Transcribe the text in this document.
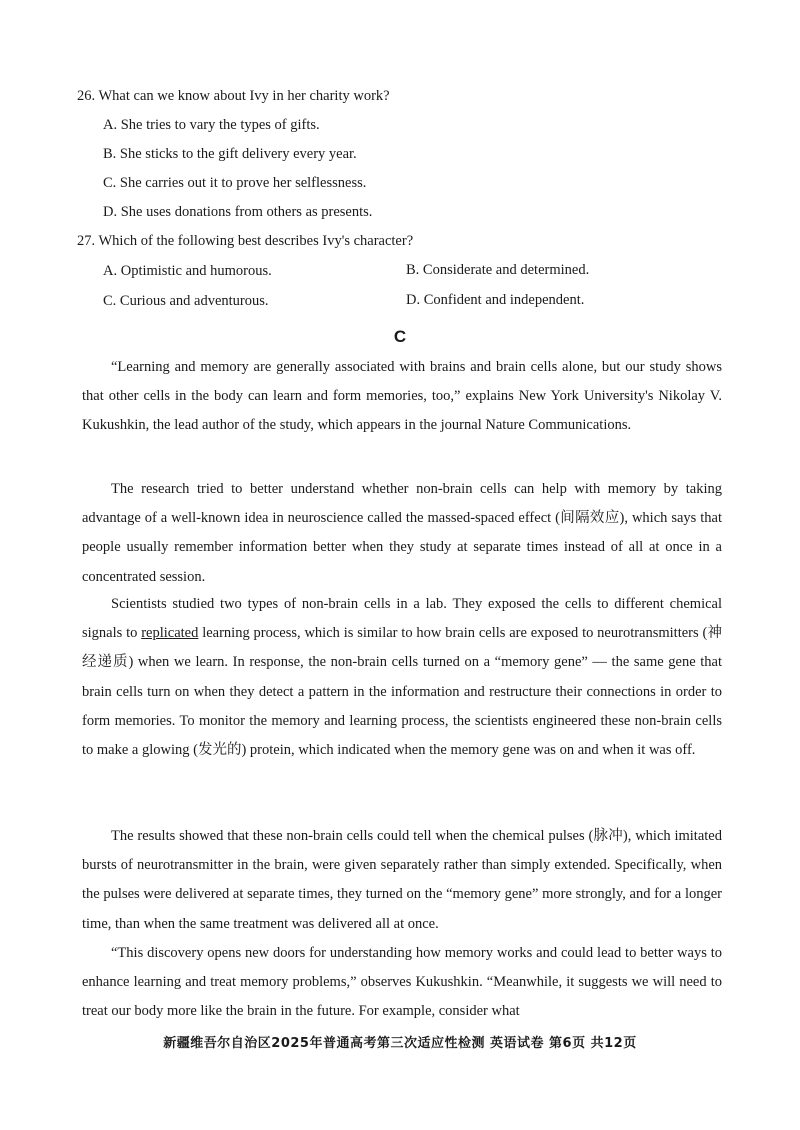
26. What can we know about Ivy in her charity work?
A. She tries to vary the types of gifts.
B. She sticks to the gift delivery every year.
C. She carries out it to prove her selflessness.
D. She uses donations from others as presents.
27. Which of the following best describes Ivy's character?
A. Optimistic and humorous.	B. Considerate and determined.
C. Curious and adventurous.	D. Confident and independent.
C
“Learning and memory are generally associated with brains and brain cells alone, but our study shows that other cells in the body can learn and form memories, too,” explains New York University's Nikolay V. Kukushkin, the lead author of the study, which appears in the journal Nature Communications.
The research tried to better understand whether non-brain cells can help with memory by taking advantage of a well-known idea in neuroscience called the massed-spaced effect (间隔效应), which says that people usually remember information better when they study at separate times instead of all at once in a concentrated session.
Scientists studied two types of non-brain cells in a lab. They exposed the cells to different chemical signals to replicated learning process, which is similar to how brain cells are exposed to neurotransmitters (神经递质) when we learn. In response, the non-brain cells turned on a “memory gene” — the same gene that brain cells turn on when they detect a pattern in the information and restructure their connections in order to form memories. To monitor the memory and learning process, the scientists engineered these non-brain cells to make a glowing (发光的) protein, which indicated when the memory gene was on and when it was off.
The results showed that these non-brain cells could tell when the chemical pulses (脉冲), which imitated bursts of neurotransmitter in the brain, were given separately rather than simply extended. Specifically, when the pulses were delivered at separate times, they turned on the “memory gene” more strongly, and for a longer time, than when the same treatment was delivered all at once.
“This discovery opens new doors for understanding how memory works and could lead to better ways to enhance learning and treat memory problems,” observes Kukushkin. “Meanwhile, it suggests we will need to treat our body more like the brain in the future. For example, consider what
新疆维吾尔自治区2025年普通高考第三次适应性检测 英语试卷 第6页 共12页
